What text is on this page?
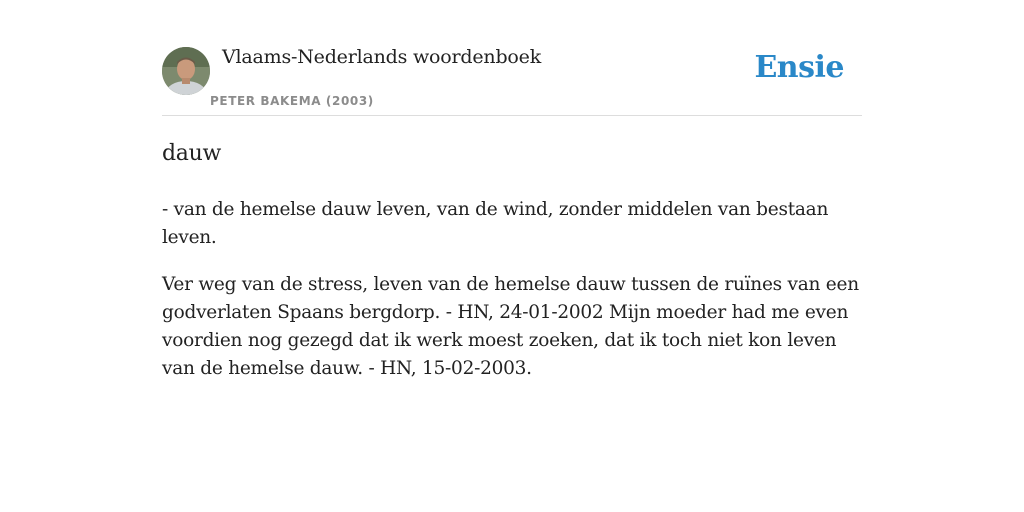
Vlaams-Nederlands woordenboek
PETER BAKEMA (2003)
Ensie
dauw

- van de hemelse dauw leven, van de wind, zonder middelen van bestaan leven.

Ver weg van de stress, leven van de hemelse dauw tussen de ruïnes van een godverlaten Spaans bergdorp. - HN, 24-01-2002 Mijn moeder had me even voordien nog gezegd dat ik werk moest zoeken, dat ik toch niet kon leven van de hemelse dauw. - HN, 15-02-2003.
